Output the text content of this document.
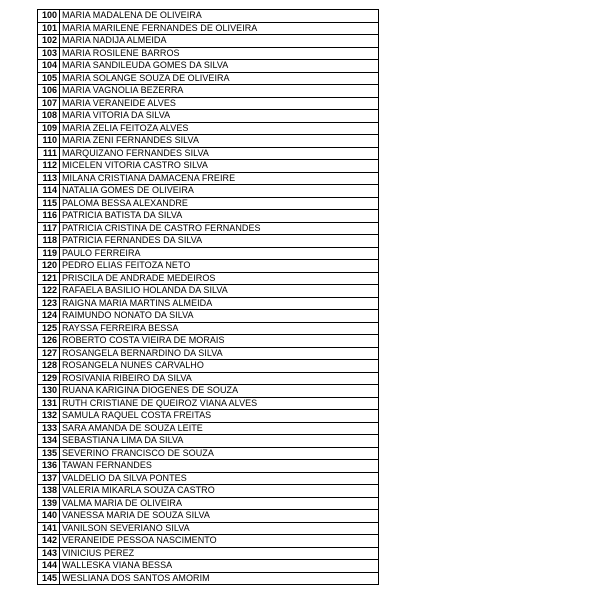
100	MARIA MADALENA DE OLIVEIRA
101	MARIA MARILENE FERNANDES DE OLIVEIRA
102	MARIA NADIJA ALMEIDA
103	MARIA ROSILENE BARROS
104	MARIA SANDILEUDA GOMES DA SILVA
105	MARIA SOLANGE SOUZA DE OLIVEIRA
106	MARIA VAGNOLIA BEZERRA
107	MARIA VERANEIDE ALVES
108	MARIA VITORIA DA SILVA
109	MARIA ZELIA FEITOZA ALVES
110	MARIA ZENI FERNANDES SILVA
111	MARQUIZANO FERNANDES SILVA
112	MICELEN VITORIA CASTRO SILVA
113	MILANA CRISTIANA DAMACENA FREIRE
114	NATALIA GOMES DE OLIVEIRA
115	PALOMA BESSA ALEXANDRE
116	PATRICIA BATISTA DA SILVA
117	PATRICIA CRISTINA DE CASTRO FERNANDES
118	PATRICIA FERNANDES DA SILVA
119	PAULO FERREIRA
120	PEDRO ELIAS FEITOZA NETO
121	PRISCILA DE ANDRADE MEDEIROS
122	RAFAELA BASILIO HOLANDA DA SILVA
123	RAIGNA MARIA MARTINS ALMEIDA
124	RAIMUNDO NONATO DA SILVA
125	RAYSSA FERREIRA BESSA
126	ROBERTO COSTA VIEIRA DE MORAIS
127	ROSANGELA BERNARDINO DA SILVA
128	ROSANGELA NUNES CARVALHO
129	ROSIVANIA RIBEIRO DA SILVA
130	RUANA KARIGINA DIOGENES DE SOUZA
131	RUTH CRISTIANE DE QUEIROZ VIANA ALVES
132	SAMULA RAQUEL COSTA FREITAS
133	SARA AMANDA DE SOUZA LEITE
134	SEBASTIANA LIMA DA SILVA
135	SEVERINO FRANCISCO DE SOUZA
136	TAWAN FERNANDES
137	VALDELIO DA SILVA PONTES
138	VALERIA MIKARLA SOUZA CASTRO
139	VALMA MARIA DE OLIVEIRA
140	VANESSA MARIA DE SOUZA SILVA
141	VANILSON SEVERIANO SILVA
142	VERANEIDE PESSOA NASCIMENTO
143	VINICIUS PEREZ
144	WALLESKA VIANA BESSA
145	WESLIANA DOS SANTOS AMORIM
